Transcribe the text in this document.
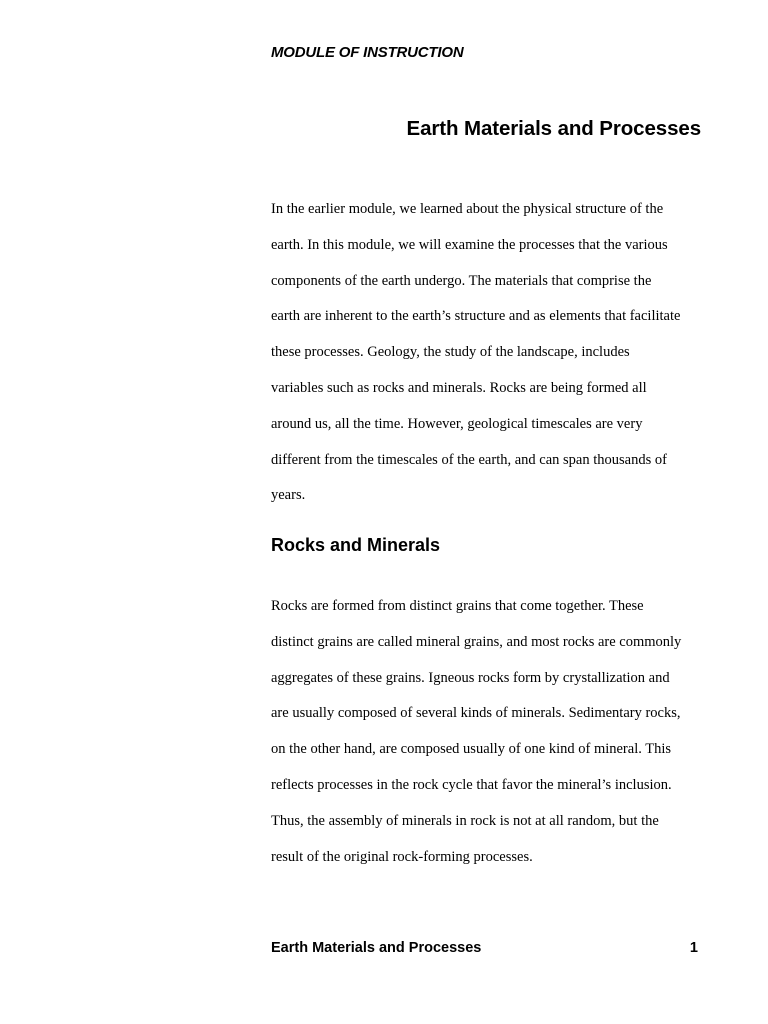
MODULE OF INSTRUCTION
Earth Materials and Processes
In the earlier module, we learned about the physical structure of the
earth. In this module, we will examine the processes that the various
components of the earth undergo. The materials that comprise the
earth are inherent to the earth’s structure and as elements that facilitate
these processes. Geology, the study of the landscape, includes
variables such as rocks and minerals. Rocks are being formed all
around us, all the time. However, geological timescales are very
different from the timescales of the earth, and can span thousands of
years.
Rocks and Minerals
Rocks are formed from distinct grains that come together. These
distinct grains are called mineral grains, and most rocks are commonly
aggregates of these grains. Igneous rocks form by crystallization and
are usually composed of several kinds of minerals. Sedimentary rocks,
on the other hand, are composed usually of one kind of mineral. This
reflects processes in the rock cycle that favor the mineral’s inclusion.
Thus, the assembly of minerals in rock is not at all random, but the
result of the original rock-forming processes.
Earth Materials and Processes	1
